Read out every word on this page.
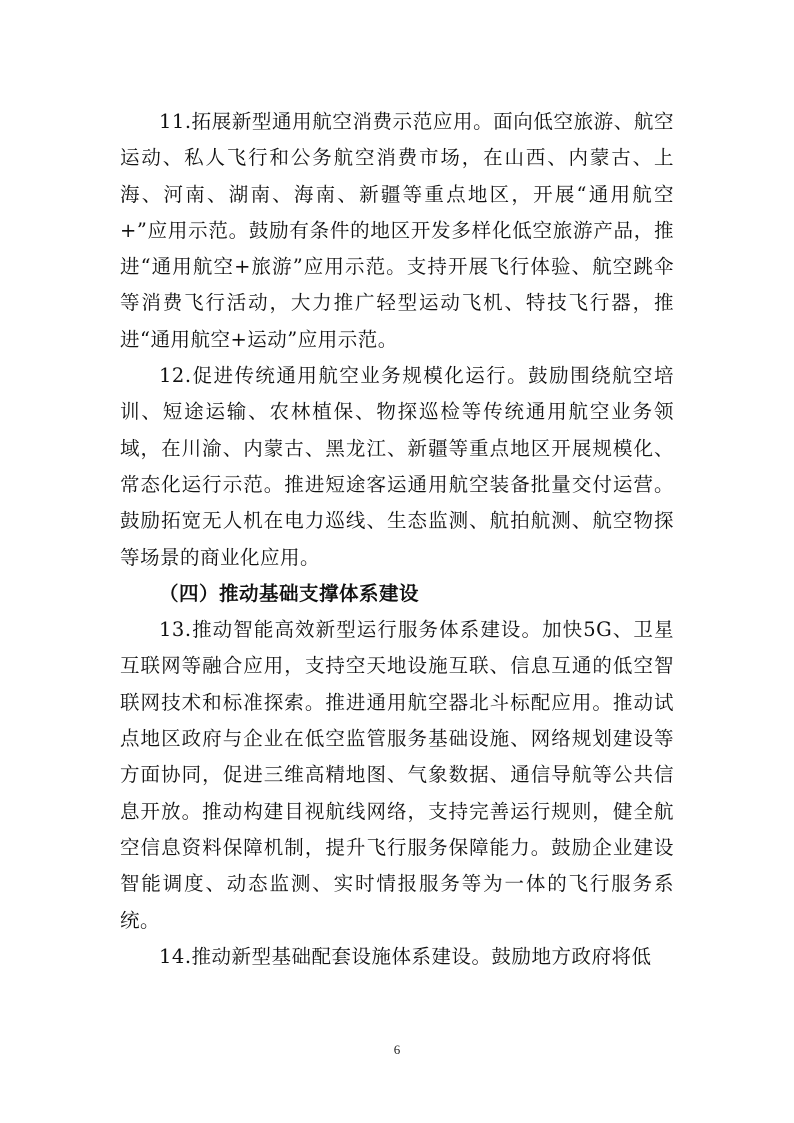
11.拓展新型通用航空消费示范应用。面向低空旅游、航空运动、私人飞行和公务航空消费市场，在山西、内蒙古、上海、河南、湖南、海南、新疆等重点地区，开展“通用航空+”应用示范。鼓励有条件的地区开发多样化低空旅游产品，推进“通用航空+旅游”应用示范。支持开展飞行体验、航空跳伞等消费飞行活动，大力推广轻型运动飞机、特技飞行器，推进“通用航空+运动”应用示范。

12.促进传统通用航空业务规模化运行。鼓励围绕航空培训、短途运输、农林植保、物探巡检等传统通用航空业务领域，在川渝、内蒙古、黑龙江、新疆等重点地区开展规模化、常态化运行示范。推进短途客运通用航空装备批量交付运营。鼓励拓宽无人机在电力巡线、生态监测、航拍航测、航空物探等场景的商业化应用。

（四）推动基础支撑体系建设

13.推动智能高效新型运行服务体系建设。加快5G、卫星互联网等融合应用，支持空天地设施互联、信息互通的低空智联网技术和标准探索。推进通用航空器北斗标配应用。推动试点地区政府与企业在低空监管服务基础设施、网络规划建设等方面协同，促进三维高精地图、气象数据、通信导航等公共信息开放。推动构建目视航线网络，支持完善运行规则，健全航空信息资料保障机制，提升飞行服务保障能力。鼓励企业建设智能调度、动态监测、实时情报服务等为一体的飞行服务系统。

14.推动新型基础配套设施体系建设。鼓励地方政府将低

6
